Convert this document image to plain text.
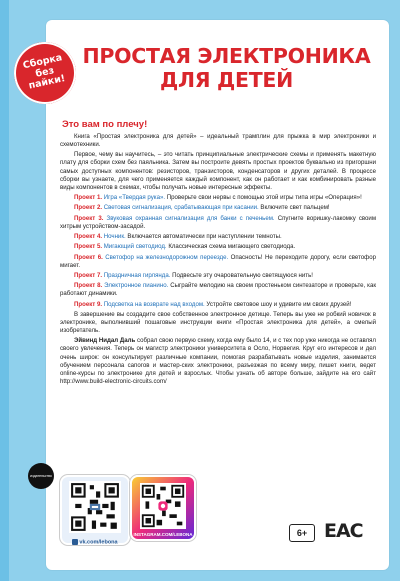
ПРОСТАЯ ЭЛЕКТРОНИКА
ДЛЯ ДЕТЕЙ
Это вам по плечу!

Книга «Простая электроника для детей» – идеальный трамплин для прыжка в мир электроники и схемотехники.

Первое, чему вы научитесь, – это читать принципиальные электрические схемы и применять макетную плату для сборки схем без паяльника. Затем вы построите девять простых проектов буквально из пригоршни самых доступных компонентов: резисторов, транзисторов, конденсаторов и других деталей. В процессе сборки вы узнаете, для чего применяется каждый компонент, как он работает и как комбинировать разные виды компонентов в схемах, чтобы получать новые интересные эффекты.

Проект 1. Игра «Твердая рука». Проверьте свои нервы с помощью этой игры типа игры «Операция»!

Проект 2. Световая сигнализация, срабатывающая при касании. Включите свет пальцем!

Проект 3. Звуковая охранная сигнализация для банки с печеньем. Спугните воришку-лакомку своим хитрым устройством-засадой.

Проект 4. Ночник. Включается автоматически при наступлении темноты.

Проект 5. Мигающий светодиод. Классическая схема мигающего светодиода.

Проект 6. Светофор на железнодорожном переезде. Опасность! Не переходите дорогу, если светофор мигает.

Проект 7. Праздничная гирлянда. Подвесьте эту очаровательную светящуюся нить!

Проект 8. Электронное пианино. Сыграйте мелодию на своем простеньком синтезаторе и проверьте, как работают динамики.

Проект 9. Подсветка на возврате над входом. Устройте световое шоу и удивите им своих друзей!

В завершение вы создадите свое собственное электронное детище. Теперь вы уже не робкий новичок в электронике, выполнивший пошаговые инструкции книги «Простая электроника для детей», а смелый изобретатель.

Эйвинд Нидал Даль собрал свою первую схему, когда ему было 14, и с тех пор уже никогда не оставлял своего увлечения. Теперь он магистр электроники университета в Осло, Норвегия. Круг его интересов и дел очень широк: он консультирует различные компании, помогая разрабатывать новые изделия, занимается обучением персонала сапогов и мастер-ских электроники, разъезжая по всему миру, пишет книги, ведет online-курсы по электронике для детей и взрослых. Чтобы узнать об авторе больше, зайдите на его сайт http://www.build-electronic-circuits.com/

vk.com/lebona
INSTAGRAM.COM/LEBONA	6+ EAC
Сборка
без
пайки!
издательство
